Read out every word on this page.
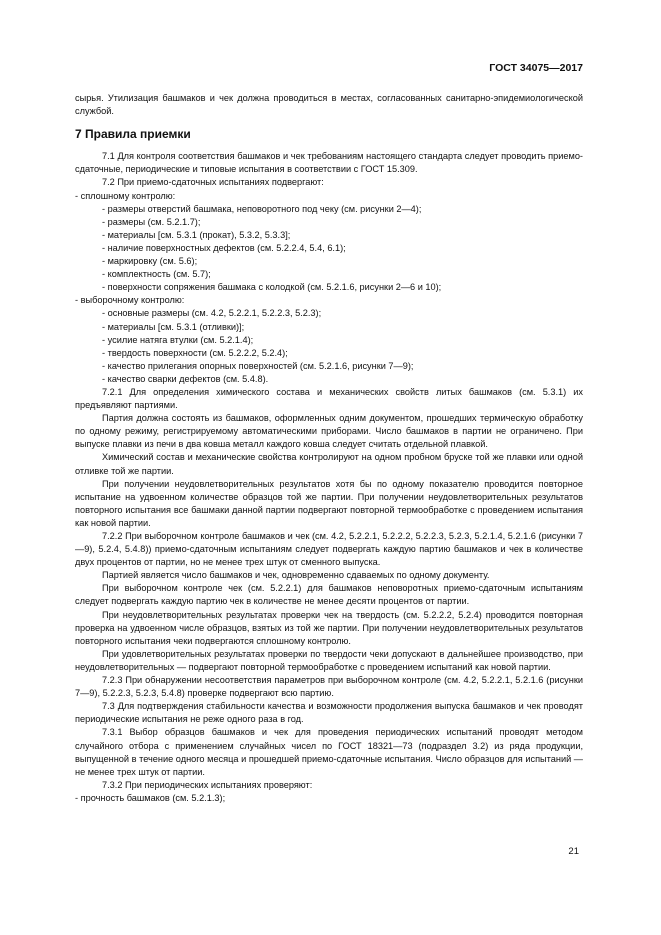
ГОСТ 34075—2017

сырья. Утилизация башмаков и чек должна проводиться в местах, согласованных санитарно-эпидемиологической службой.

7 Правила приемки

7.1 Для контроля соответствия башмаков и чек требованиям настоящего стандарта следует проводить приемо-сдаточные, периодические и типовые испытания в соответствии с ГОСТ 15.309.

7.2 При приемо-сдаточных испытаниях подвергают:

- сплошному контролю:

- размеры отверстий башмака, неповоротного под чеку (см. рисунки 2—4);

- размеры (см. 5.2.1.7);

- материалы [см. 5.3.1 (прокат), 5.3.2, 5.3.3];

- наличие поверхностных дефектов (см. 5.2.2.4, 5.4, 6.1);

- маркировку (см. 5.6);

- комплектность (см. 5.7);

- поверхности сопряжения башмака с колодкой (см. 5.2.1.6, рисунки 2—6 и 10);

- выборочному контролю:

- основные размеры (см. 4.2, 5.2.2.1, 5.2.2.3, 5.2.3);

- материалы [см. 5.3.1 (отливки)];

- усилие натяга втулки (см. 5.2.1.4);

- твердость поверхности (см. 5.2.2.2, 5.2.4);

- качество прилегания опорных поверхностей (см. 5.2.1.6, рисунки 7—9);

- качество сварки дефектов (см. 5.4.8).

7.2.1 Для определения химического состава и механических свойств литых башмаков (см. 5.3.1) их предъявляют партиями.

Партия должна состоять из башмаков, оформленных одним документом, прошедших термическую обработку по одному режиму, регистрируемому автоматическими приборами. Число башмаков в партии не ограничено. При выпуске плавки из печи в два ковша металл каждого ковша следует считать отдельной плавкой.

Химический состав и механические свойства контролируют на одном пробном бруске той же плавки или одной отливке той же партии.

При получении неудовлетворительных результатов хотя бы по одному показателю проводится повторное испытание на удвоенном количестве образцов той же партии. При получении неудовлетворительных результатов повторного испытания все башмаки данной партии подвергают повторной термообработке с проведением испытания как новой партии.

7.2.2 При выборочном контроле башмаков и чек (см. 4.2, 5.2.2.1, 5.2.2.2, 5.2.2.3, 5.2.3, 5.2.1.4, 5.2.1.6 (рисунки 7—9), 5.2.4, 5.4.8)) приемо-сдаточным испытаниям следует подвергать каждую партию башмаков и чек в количестве двух процентов от партии, но не менее трех штук от сменного выпуска.

Партией является число башмаков и чек, одновременно сдаваемых по одному документу.

При выборочном контроле чек (см. 5.2.2.1) для башмаков неповоротных приемо-сдаточным испытаниям следует подвергать каждую партию чек в количестве не менее десяти процентов от партии.

При неудовлетворительных результатах проверки чек на твердость (см. 5.2.2.2, 5.2.4) проводится повторная проверка на удвоенном числе образцов, взятых из той же партии. При получении неудовлетворительных результатов повторного испытания чеки подвергаются сплошному контролю.

При удовлетворительных результатах проверки по твердости чеки допускают в дальнейшее производство, при неудовлетворительных — подвергают повторной термообработке с проведением испытаний как новой партии.

7.2.3 При обнаружении несоответствия параметров при выборочном контроле (см. 4.2, 5.2.2.1, 5.2.1.6 (рисунки 7—9), 5.2.2.3, 5.2.3, 5.4.8) проверке подвергают всю партию.

7.3 Для подтверждения стабильности качества и возможности продолжения выпуска башмаков и чек проводят периодические испытания не реже одного раза в год.

7.3.1 Выбор образцов башмаков и чек для проведения периодических испытаний проводят методом случайного отбора с применением случайных чисел по ГОСТ 18321—73 (подраздел 3.2) из ряда продукции, выпущенной в течение одного месяца и прошедшей приемо-сдаточные испытания. Число образцов для испытаний — не менее трех штук от партии.

7.3.2 При периодических испытаниях проверяют:

- прочность башмаков (см. 5.2.1.3);

21
